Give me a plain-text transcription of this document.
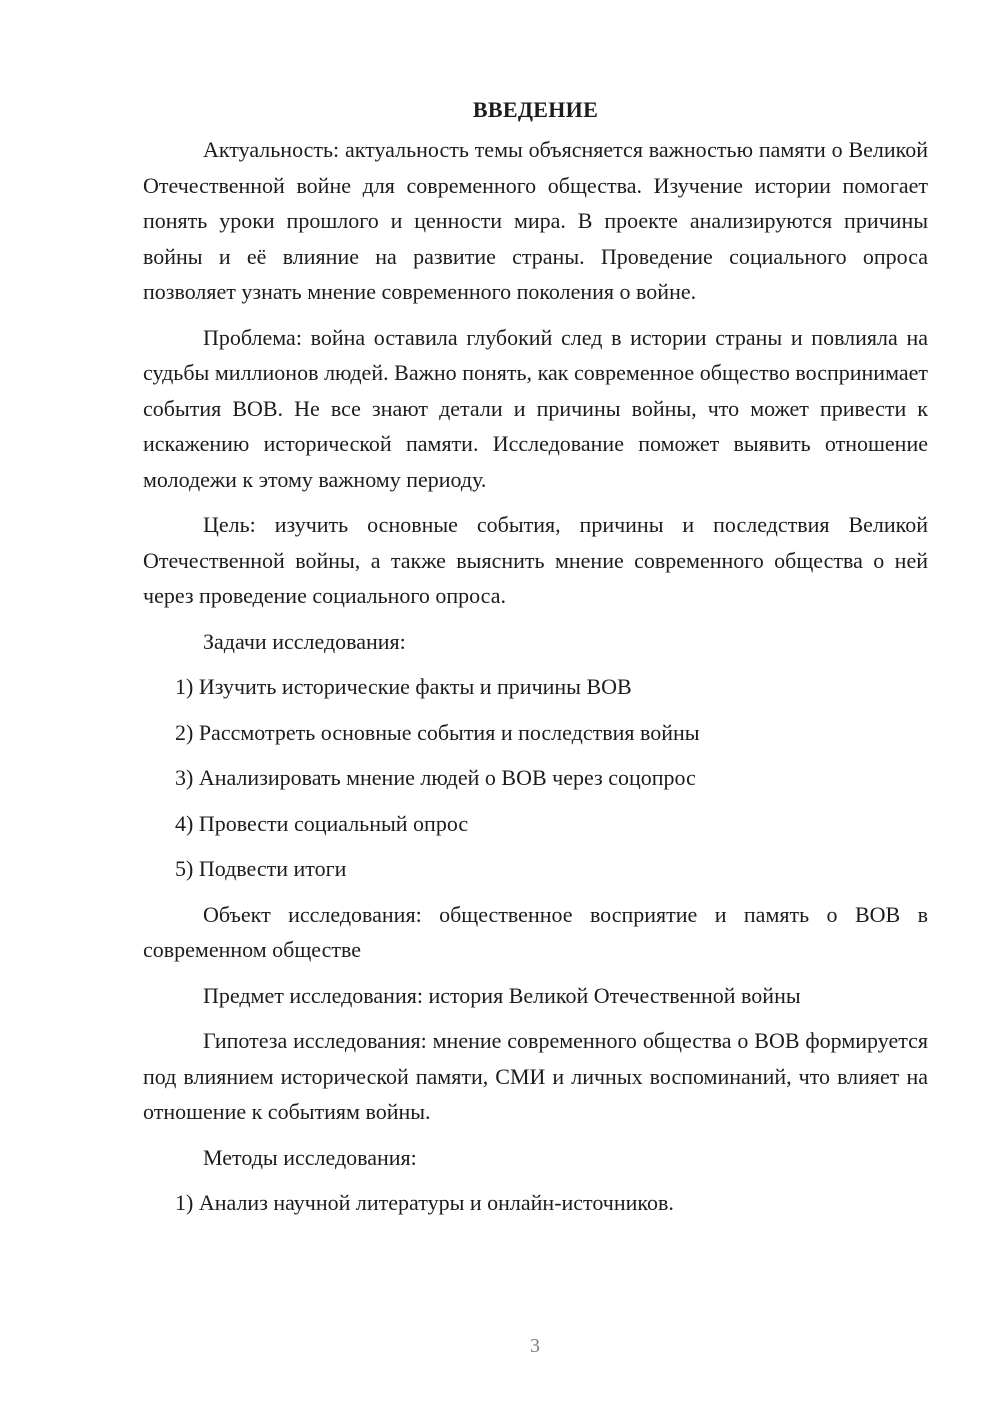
ВВЕДЕНИЕ

Актуальность: актуальность темы объясняется важностью памяти о Великой Отечественной войне для современного общества. Изучение истории помогает понять уроки прошлого и ценности мира. В проекте анализируются причины войны и её влияние на развитие страны. Проведение социального опроса позволяет узнать мнение современного поколения о войне.

Проблема: война оставила глубокий след в истории страны и повлияла на судьбы миллионов людей. Важно понять, как современное общество воспринимает события ВОВ. Не все знают детали и причины войны, что может привести к искажению исторической памяти. Исследование поможет выявить отношение молодежи к этому важному периоду.

Цель: изучить основные события, причины и последствия Великой Отечественной войны, а также выяснить мнение современного общества о ней через проведение социального опроса.

Задачи исследования:

1) Изучить исторические факты и причины ВОВ

2) Рассмотреть основные события и последствия войны

3) Анализировать мнение людей о ВОВ через соцопрос

4) Провести социальный опрос

5) Подвести итоги

Объект исследования: общественное восприятие и память о ВОВ в современном обществе

Предмет исследования: история Великой Отечественной войны

Гипотеза исследования: мнение современного общества о ВОВ формируется под влиянием исторической памяти, СМИ и личных воспоминаний, что влияет на отношение к событиям войны.

Методы исследования:

1) Анализ научной литературы и онлайн-источников.

3
